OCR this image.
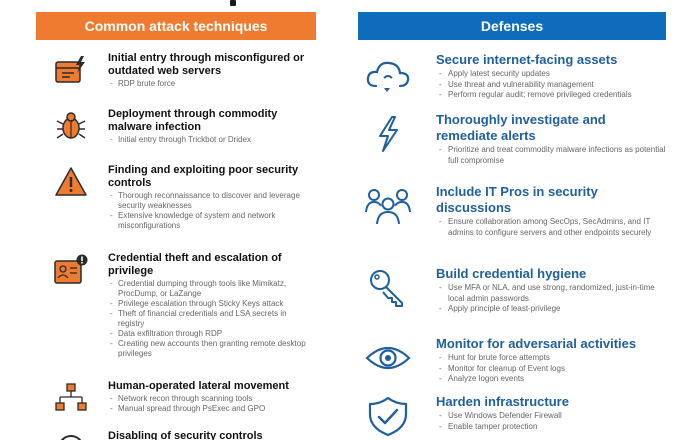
Common attack techniques
Initial entry through misconfigured or outdated web servers
- RDP brute force
Deployment through commodity malware infection
- Initial entry through Trickbot or Dridex
Finding and exploiting poor security controls
- Thorough reconnaissance to discover and leverage security weaknesses
- Extensive knowledge of system and network misconfigurations
Credential theft and escalation of privilege
- Credential dumping through tools like Mimikatz, ProcDump, or LaZange
- Privilege escalation through Sticky Keys attack
- Theft of financial credentials and LSA secrets in registry
- Data exfiltration through RDP
- Creating new accounts then granting remote desktop privileges
Human-operated lateral movement
- Network recon through scanning tools
- Manual spread through PsExec and GPO
Disabling of security controls
Defenses
Secure internet-facing assets
- Apply latest security updates
- Use threat and vulnerability management
- Perform regular audit; remove privileged credentials
Thoroughly investigate and remediate alerts
- Prioritize and treat commodity malware infections as potential full compromise
Include IT Pros in security discussions
- Ensure collaboration among SecOps, SecAdmins, and IT admins to configure servers and other endpoints securely
Build credential hygiene
- Use MFA or NLA, and use strong, randomized, just-in-time local admin passwords
- Apply principle of least-privilege
Monitor for adversarial activities
- Hunt for brute force attempts
- Monitor for cleanup of Event logs
- Analyze logon events
Harden infrastructure
- Use Windows Defender Firewall
- Enable tamper protection
